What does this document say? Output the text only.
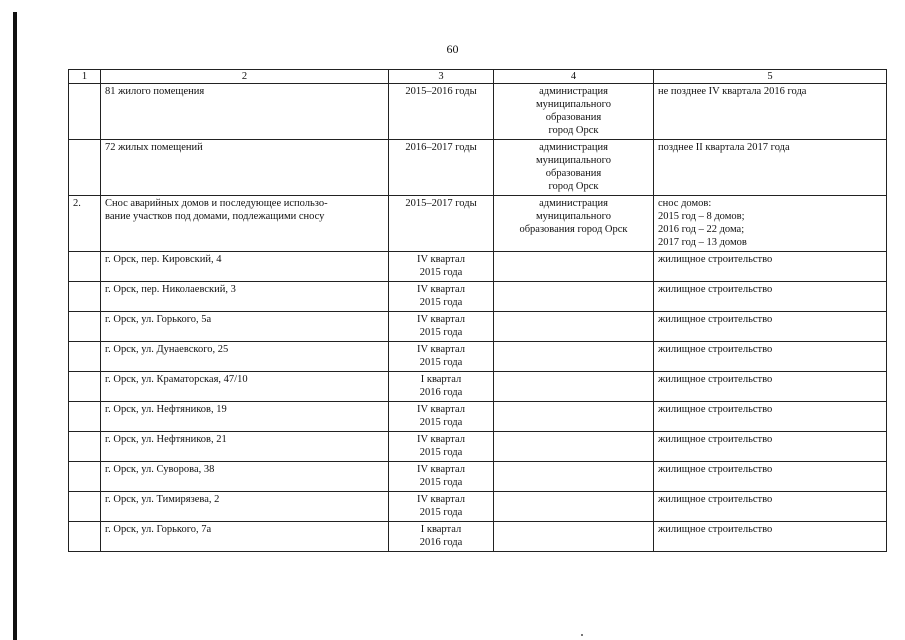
60
1	2	3	4	5
	81 жилого помещения	2015–2016 годы	администрация
муниципального
образования
город Орск	не позднее IV квартала 2016 года
	72 жилых помещений	2016–2017 годы	администрация
муниципального
образования
город Орск	позднее II квартала 2017 года
2.	Снос аварийных домов и последующее использо-
вание участков под домами, подлежащими сносу	2015–2017 годы	администрация
муниципального
образования город Орск	снос домов:
2015 год – 8 домов;
2016 год – 22 дома;
2017 год – 13 домов
	г. Орск, пер. Кировский, 4	IV квартал
2015 года		жилищное строительство
	г. Орск, пер. Николаевский, 3	IV квартал
2015 года		жилищное строительство
	г. Орск, ул. Горького, 5а	IV квартал
2015 года		жилищное строительство
	г. Орск, ул. Дунаевского, 25	IV квартал
2015 года		жилищное строительство
	г. Орск, ул. Краматорская, 47/10	I квартал
2016 года		жилищное строительство
	г. Орск, ул. Нефтяников, 19	IV квартал
2015 года		жилищное строительство
	г. Орск, ул. Нефтяников, 21	IV квартал
2015 года		жилищное строительство
	г. Орск, ул. Суворова, 38	IV квартал
2015 года		жилищное строительство
	г. Орск, ул. Тимирязева, 2	IV квартал
2015 года		жилищное строительство
	г. Орск, ул. Горького, 7а	I квартал
2016 года		жилищное строительство
